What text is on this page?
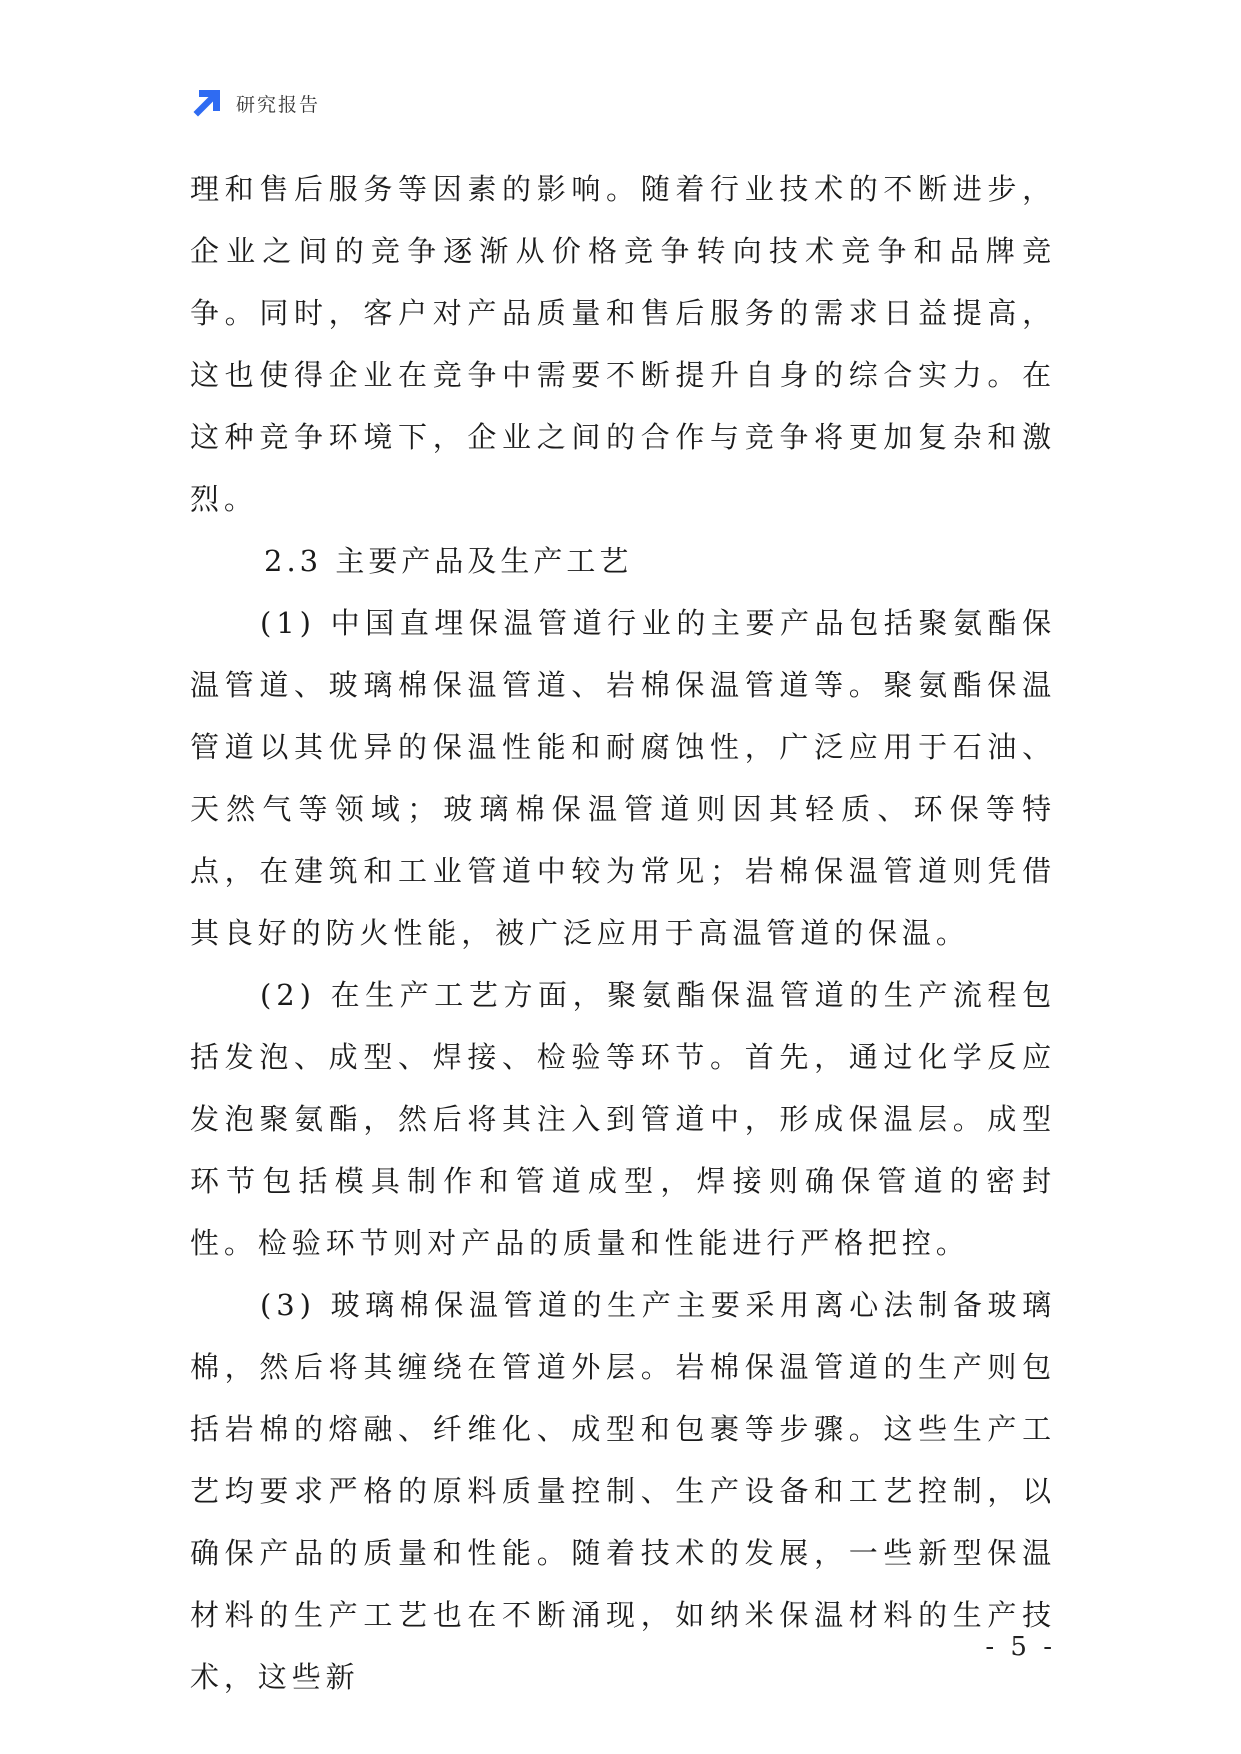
研究报告

理和售后服务等因素的影响。随着行业技术的不断进步，企业之间的竞争逐渐从价格竞争转向技术竞争和品牌竞争。同时，客户对产品质量和售后服务的需求日益提高，这也使得企业在竞争中需要不断提升自身的综合实力。在这种竞争环境下，企业之间的合作与竞争将更加复杂和激烈。

2.3 主要产品及生产工艺

(1) 中国直埋保温管道行业的主要产品包括聚氨酯保温管道、玻璃棉保温管道、岩棉保温管道等。聚氨酯保温管道以其优异的保温性能和耐腐蚀性，广泛应用于石油、天然气等领域；玻璃棉保温管道则因其轻质、环保等特点，在建筑和工业管道中较为常见；岩棉保温管道则凭借其良好的防火性能，被广泛应用于高温管道的保温。

(2) 在生产工艺方面，聚氨酯保温管道的生产流程包括发泡、成型、焊接、检验等环节。首先，通过化学反应发泡聚氨酯，然后将其注入到管道中，形成保温层。成型环节包括模具制作和管道成型，焊接则确保管道的密封性。检验环节则对产品的质量和性能进行严格把控。

(3) 玻璃棉保温管道的生产主要采用离心法制备玻璃棉，然后将其缠绕在管道外层。岩棉保温管道的生产则包括岩棉的熔融、纤维化、成型和包裹等步骤。这些生产工艺均要求严格的原料质量控制、生产设备和工艺控制，以确保产品的质量和性能。随着技术的发展，一些新型保温材料的生产工艺也在不断涌现，如纳米保温材料的生产技术，这些新

- 5 -
